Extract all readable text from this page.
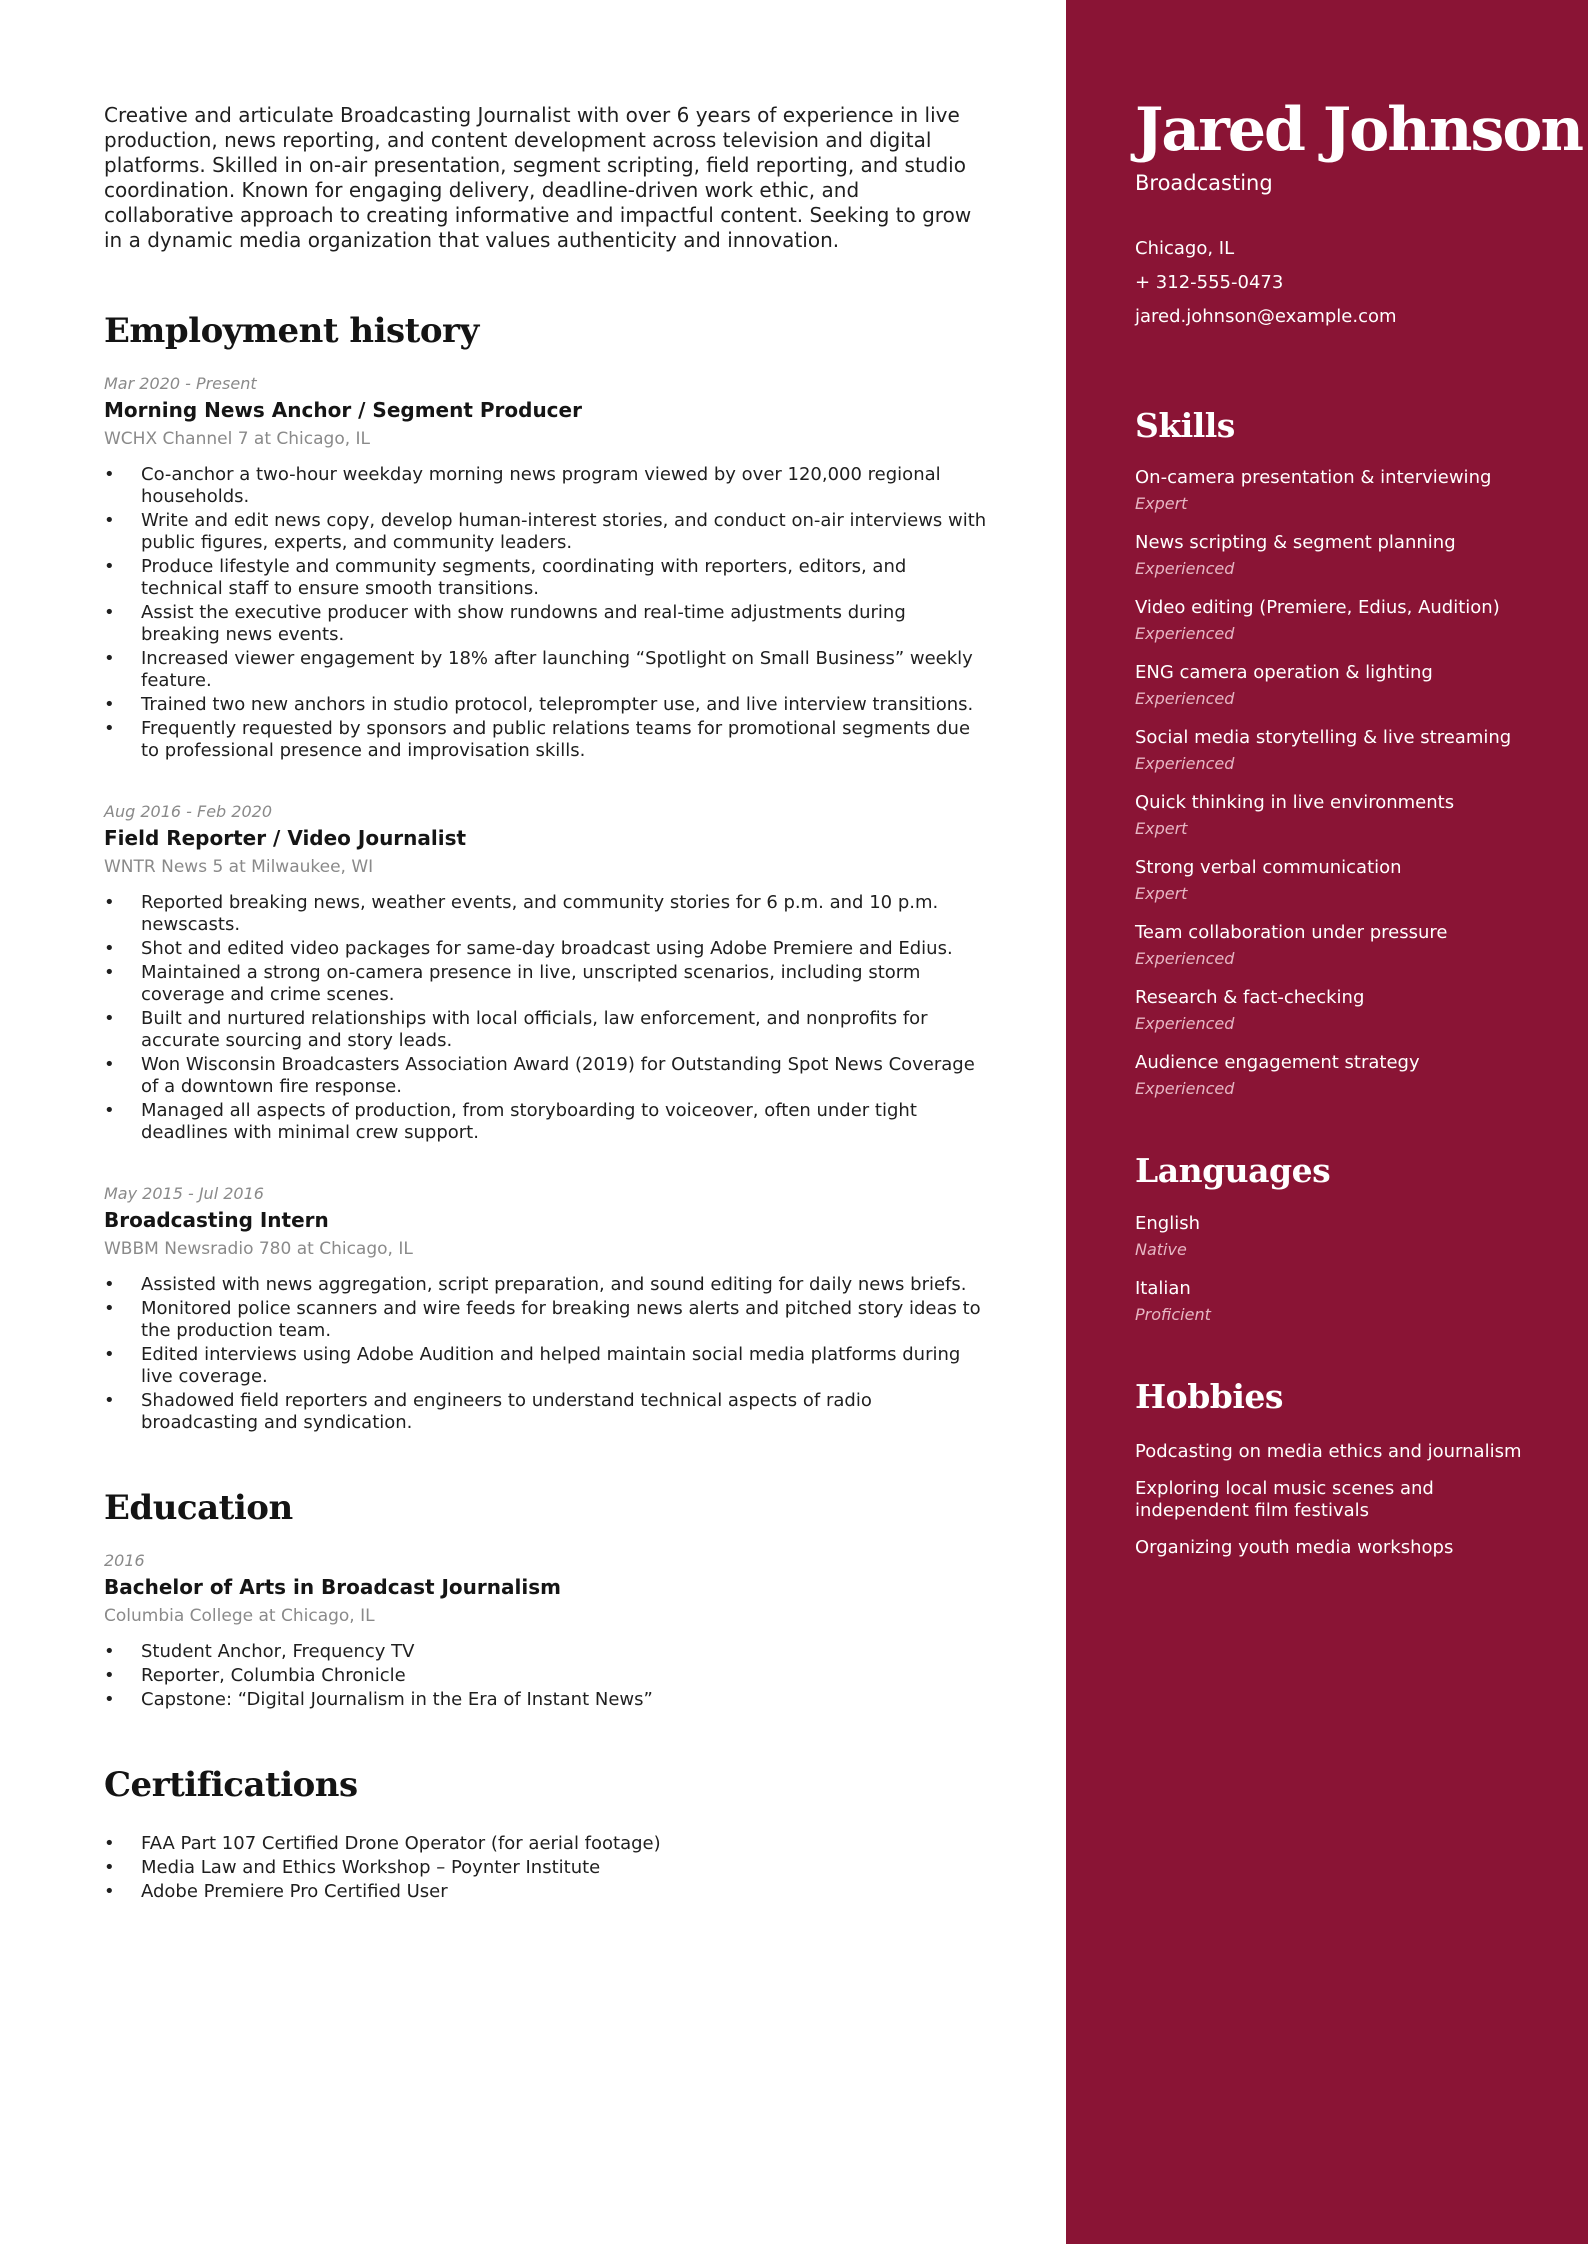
Creative and articulate Broadcasting Journalist with over 6 years of experience in live production, news reporting, and content development across television and digital platforms. Skilled in on-air presentation, segment scripting, field reporting, and studio coordination. Known for engaging delivery, deadline-driven work ethic, and collaborative approach to creating informative and impactful content. Seeking to grow in a dynamic media organization that values authenticity and innovation.

Employment history

Mar 2020 - Present

Morning News Anchor / Segment Producer

WCHX Channel 7 at Chicago, IL

• Co-anchor a two-hour weekday morning news program viewed by over 120,000 regional households.
• Write and edit news copy, develop human-interest stories, and conduct on-air interviews with public figures, experts, and community leaders.
• Produce lifestyle and community segments, coordinating with reporters, editors, and technical staff to ensure smooth transitions.
• Assist the executive producer with show rundowns and real-time adjustments during breaking news events.
• Increased viewer engagement by 18% after launching “Spotlight on Small Business” weekly feature.
• Trained two new anchors in studio protocol, teleprompter use, and live interview transitions.
• Frequently requested by sponsors and public relations teams for promotional segments due to professional presence and improvisation skills.

Aug 2016 - Feb 2020

Field Reporter / Video Journalist

WNTR News 5 at Milwaukee, WI

• Reported breaking news, weather events, and community stories for 6 p.m. and 10 p.m. newscasts.
• Shot and edited video packages for same-day broadcast using Adobe Premiere and Edius.
• Maintained a strong on-camera presence in live, unscripted scenarios, including storm coverage and crime scenes.
• Built and nurtured relationships with local officials, law enforcement, and nonprofits for accurate sourcing and story leads.
• Won Wisconsin Broadcasters Association Award (2019) for Outstanding Spot News Coverage of a downtown fire response.
• Managed all aspects of production, from storyboarding to voiceover, often under tight deadlines with minimal crew support.

May 2015 - Jul 2016

Broadcasting Intern

WBBM Newsradio 780 at Chicago, IL

• Assisted with news aggregation, script preparation, and sound editing for daily news briefs.
• Monitored police scanners and wire feeds for breaking news alerts and pitched story ideas to the production team.
• Edited interviews using Adobe Audition and helped maintain social media platforms during live coverage.
• Shadowed field reporters and engineers to understand technical aspects of radio broadcasting and syndication.
Education

2016

Bachelor of Arts in Broadcast Journalism

Columbia College at Chicago, IL

• Student Anchor, Frequency TV
• Reporter, Columbia Chronicle
• Capstone: “Digital Journalism in the Era of Instant News”
Certifications
• FAA Part 107 Certified Drone Operator (for aerial footage)
• Media Law and Ethics Workshop – Poynter Institute
• Adobe Premiere Pro Certified User
Jared Johnson

Broadcasting

Chicago, IL
+ 312-555-0473
jared.johnson@example.com
Skills

On-camera presentation & interviewing

Expert

News scripting & segment planning

Experienced

Video editing (Premiere, Edius, Audition)

Experienced

ENG camera operation & lighting

Experienced

Social media storytelling & live streaming

Experienced

Quick thinking in live environments

Expert

Strong verbal communication

Expert

Team collaboration under pressure

Experienced

Research & fact-checking

Experienced

Audience engagement strategy

Experienced

Languages

English

Native

Italian

Proficient

Hobbies

Podcasting on media ethics and journalism

Exploring local music scenes and independent film festivals

Organizing youth media workshops
